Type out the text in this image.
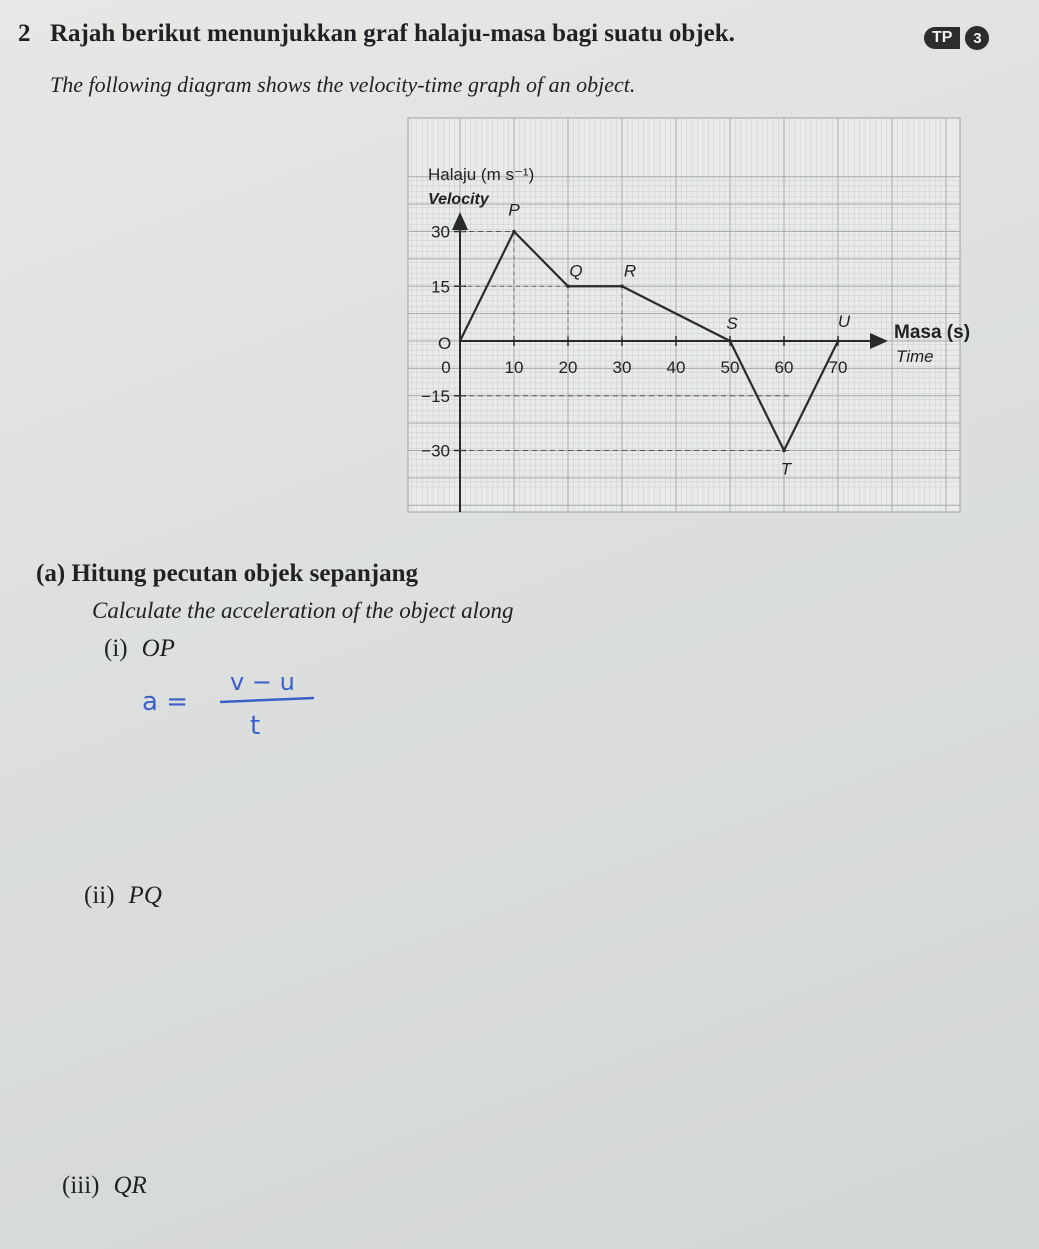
2 Rajah berikut menunjukkan graf halaju-masa bagi suatu objek.	TP	3
The following diagram shows the velocity-time graph of an object.
30
15
−15
−30
0	10 20 30 40 50 60 70
O
Halaju (m s⁻¹)
Velocity
Masa (s)
Time
P
Q R
S
T
U
(a) Hitung pecutan objek sepanjang
Calculate the acceleration of the object along
(i) OP
a =
v − u
t
(ii) PQ
(iii) QR
